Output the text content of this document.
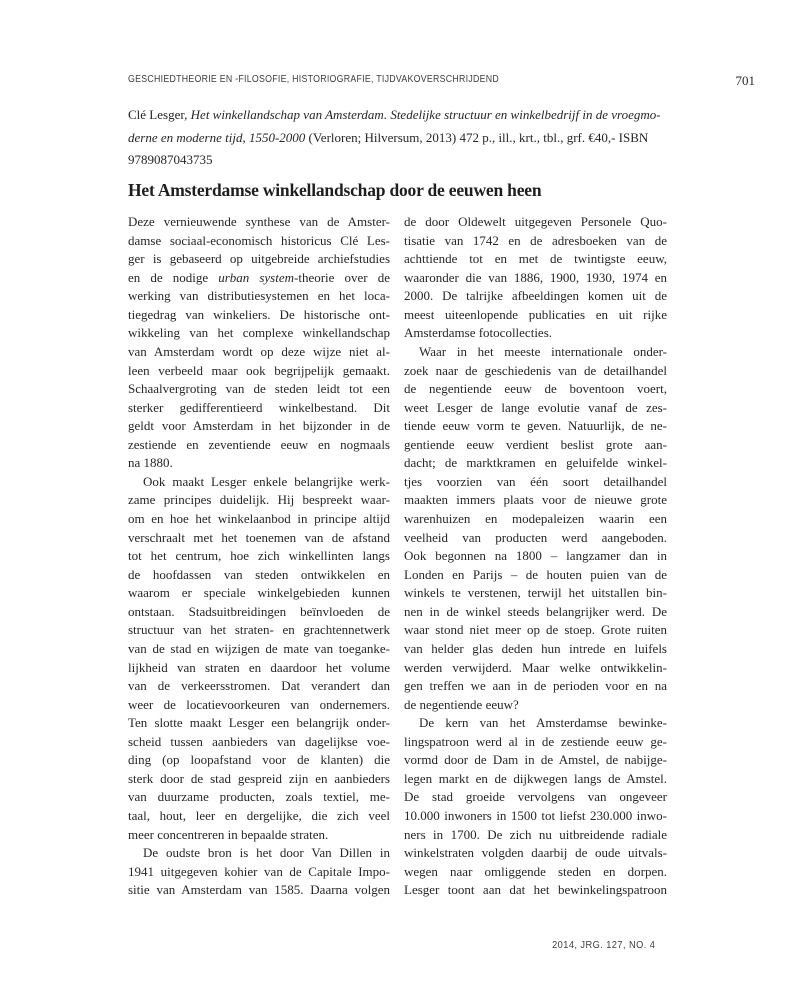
GESCHIEDTHEORIE EN -FILOSOFIE, HISTORIOGRAFIE, TIJDVAKOVERSCHRIJDEND	701
Clé Lesger, Het winkellandschap van Amsterdam. Stedelijke structuur en winkelbedrijf in de vroegmo-
derne en moderne tijd, 1550-2000 (Verloren; Hilversum, 2013) 472 p., ill., krt., tbl., grf. €40,- ISBN
9789087043735
Het Amsterdamse winkellandschap door de eeuwen heen
Deze vernieuwende synthese van de Amster-
damse sociaal-economisch historicus Clé Les-
ger is gebaseerd op uitgebreide archiefstudies
en de nodige urban system-theorie over de
werking van distributiesystemen en het loca-
tiegedrag van winkeliers. De historische ont-
wikkeling van het complexe winkellandschap
van Amsterdam wordt op deze wijze niet al-
leen verbeeld maar ook begrijpelijk gemaakt.
Schaalvergroting van de steden leidt tot een
sterker gedifferentieerd winkelbestand. Dit
geldt voor Amsterdam in het bijzonder in de
zestiende en zeventiende eeuw en nogmaals
na 1880.
Ook maakt Lesger enkele belangrijke werk-
zame principes duidelijk. Hij bespreekt waar-
om en hoe het winkelaanbod in principe altijd
verschraalt met het toenemen van de afstand
tot het centrum, hoe zich winkellinten langs
de hoofdassen van steden ontwikkelen en
waarom er speciale winkelgebieden kunnen
ontstaan. Stadsuitbreidingen beïnvloeden de
structuur van het straten- en grachtennetwerk
van de stad en wijzigen de mate van toeganke-
lijkheid van straten en daardoor het volume
van de verkeersstromen. Dat verandert dan
weer de locatievoorkeuren van ondernemers.
Ten slotte maakt Lesger een belangrijk onder-
scheid tussen aanbieders van dagelijkse voe-
ding (op loopafstand voor de klanten) die
sterk door de stad gespreid zijn en aanbieders
van duurzame producten, zoals textiel, me-
taal, hout, leer en dergelijke, die zich veel
meer concentreren in bepaalde straten.
De oudste bron is het door Van Dillen in
1941 uitgegeven kohier van de Capitale Impo-
sitie van Amsterdam van 1585. Daarna volgen
de door Oldewelt uitgegeven Personele Quo-
tisatie van 1742 en de adresboeken van de
achttiende tot en met de twintigste eeuw,
waaronder die van 1886, 1900, 1930, 1974 en
2000. De talrijke afbeeldingen komen uit de
meest uiteenlopende publicaties en uit rijke
Amsterdamse fotocollecties.
Waar in het meeste internationale onder-
zoek naar de geschiedenis van de detailhandel
de negentiende eeuw de boventoon voert,
weet Lesger de lange evolutie vanaf de zes-
tiende eeuw vorm te geven. Natuurlijk, de ne-
gentiende eeuw verdient beslist grote aan-
dacht; de marktkramen en geluifelde winkel-
tjes voorzien van één soort detailhandel
maakten immers plaats voor de nieuwe grote
warenhuizen en modepaleizen waarin een
veelheid van producten werd aangeboden.
Ook begonnen na 1800 – langzamer dan in
Londen en Parijs – de houten puien van de
winkels te verstenen, terwijl het uitstallen bin-
nen in de winkel steeds belangrijker werd. De
waar stond niet meer op de stoep. Grote ruiten
van helder glas deden hun intrede en luifels
werden verwijderd. Maar welke ontwikkelin-
gen treffen we aan in de perioden voor en na
de negentiende eeuw?
De kern van het Amsterdamse bewinke-
lingspatroon werd al in de zestiende eeuw ge-
vormd door de Dam in de Amstel, de nabijge-
legen markt en de dijkwegen langs de Amstel.
De stad groeide vervolgens van ongeveer
10.000 inwoners in 1500 tot liefst 230.000 inwo-
ners in 1700. De zich nu uitbreidende radiale
winkelstraten volgden daarbij de oude uitvals-
wegen naar omliggende steden en dorpen.
Lesger toont aan dat het bewinkelingspatroon
2014, JRG. 127, NO. 4
